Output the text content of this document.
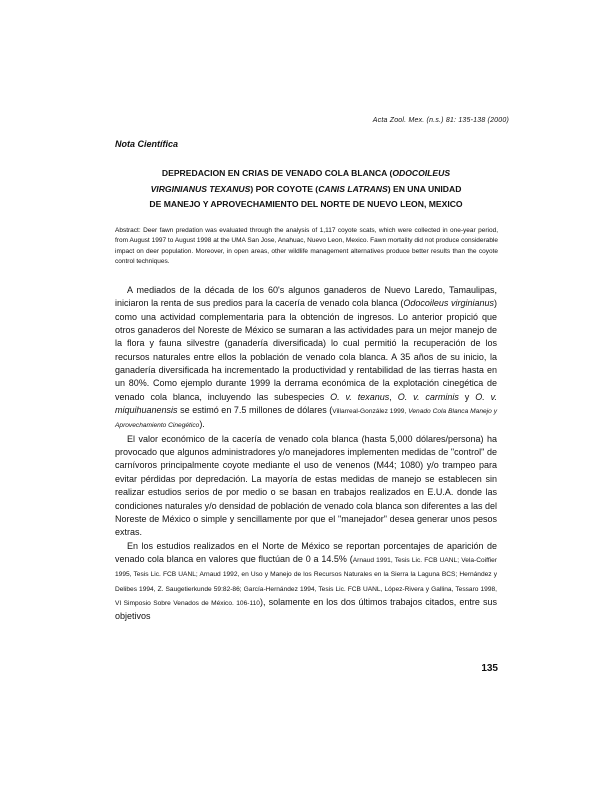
Acta Zool. Mex. (n.s.) 81: 135-138 (2000)
Nota Científica
DEPREDACION EN CRIAS DE VENADO COLA BLANCA (ODOCOILEUS
VIRGINIANUS TEXANUS) POR COYOTE (CANIS LATRANS) EN UNA UNIDAD
DE MANEJO Y APROVECHAMIENTO DEL NORTE DE NUEVO LEON, MEXICO
Abstract: Deer fawn predation was evaluated through the analysis of 1,117 coyote scats, which were collected in one-year period, from August 1997 to August 1998 at the UMA San Jose, Anahuac, Nuevo Leon, Mexico. Fawn mortality did not produce considerable impact on deer population. Moreover, in open areas, other wildlife management alternatives produce better results than the coyote control techniques.

A mediados de la década de los 60's algunos ganaderos de Nuevo Laredo, Tamaulipas, iniciaron la renta de sus predios para la cacería de venado cola blanca (Odocoileus virginianus) como una actividad complementaria para la obtención de ingresos. Lo anterior propició que otros ganaderos del Noreste de México se sumaran a las actividades para un mejor manejo de la flora y fauna silvestre (ganadería diversificada) lo cual permitió la recuperación de los recursos naturales entre ellos la población de venado cola blanca. A 35 años de su inicio, la ganadería diversificada ha incrementado la productividad y rentabilidad de las tierras hasta en un 80%. Como ejemplo durante 1999 la derrama económica de la explotación cinegética de venado cola blanca, incluyendo las subespecies O. v. texanus, O. v. carminis y O. v. miquihuanensis se estimó en 7.5 millones de dólares (Villarreal-González 1999, Venado Cola Blanca Manejo y Aprovechamiento Cinegético).

El valor económico de la cacería de venado cola blanca (hasta 5,000 dólares/persona) ha provocado que algunos administradores y/o manejadores implementen medidas de "control" de carnívoros principalmente coyote mediante el uso de venenos (M44; 1080) y/o trampeo para evitar pérdidas por depredación. La mayoría de estas medidas de manejo se establecen sin realizar estudios serios de por medio o se basan en trabajos realizados en E.U.A. donde las condiciones naturales y/o densidad de población de venado cola blanca son diferentes a las del Noreste de México o simple y sencillamente por que el "manejador" desea generar unos pesos extras.

En los estudios realizados en el Norte de México se reportan porcentajes de aparición de venado cola blanca en valores que fluctúan de 0 a 14.5% (Arnaud 1991, Tesis Lic. FCB UANL; Vela-Coiffier 1995, Tesis Lic. FCB UANL; Arnaud 1992, en Uso y Manejo de los Recursos Naturales en la Sierra la Laguna BCS; Hernández y Delibes 1994, Z. Saugetierkunde 59:82-86; García-Hernández 1994, Tesis Lic. FCB UANL, López-Rivera y Gallina, Tessaro 1998, VI Simposio Sobre Venados de México. 106-110), solamente en los dos últimos trabajos citados, entre sus objetivos

135
